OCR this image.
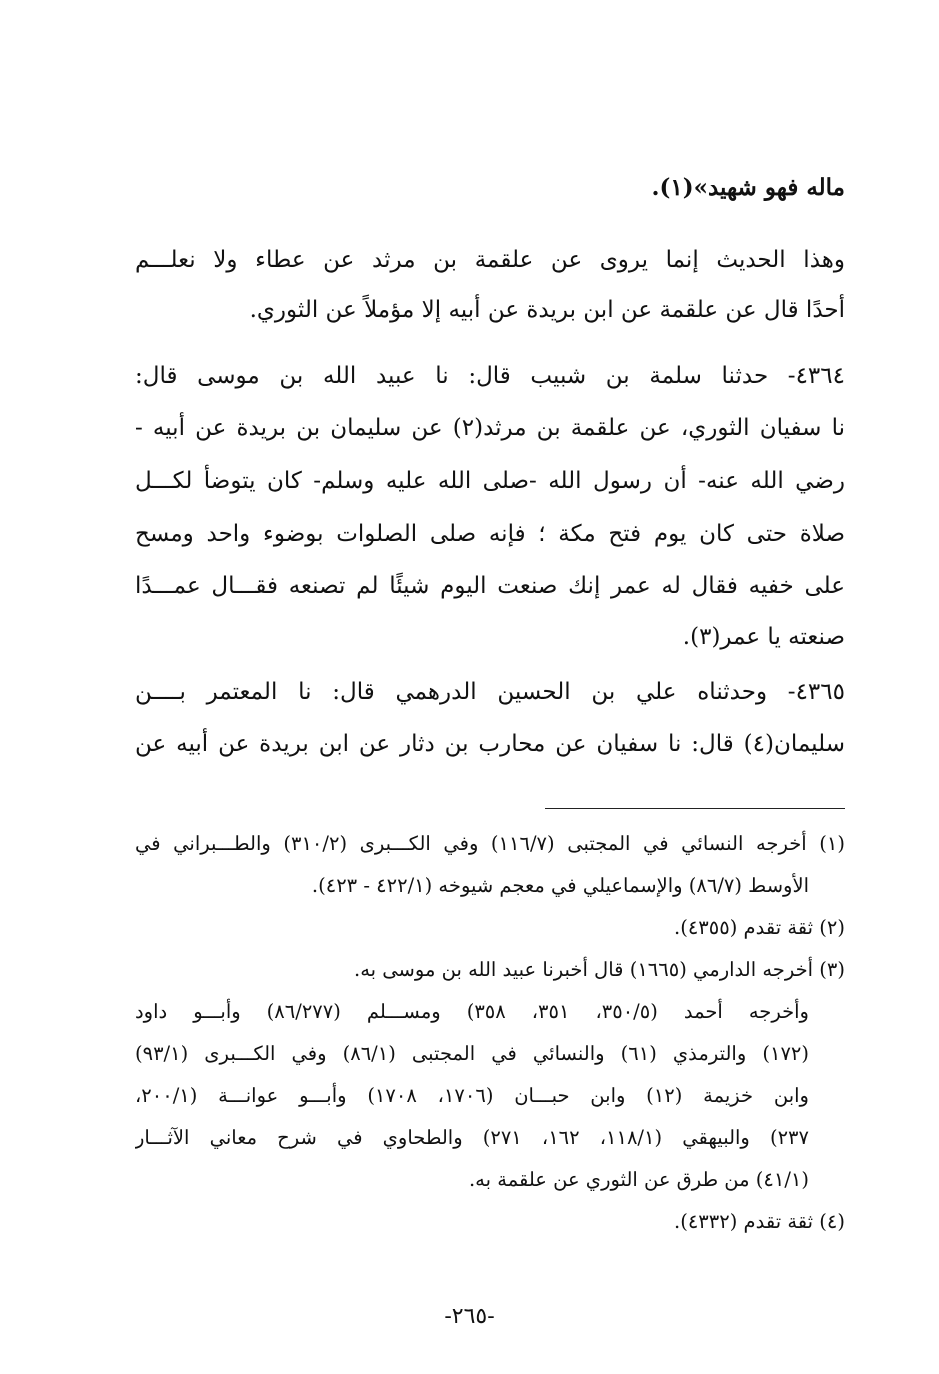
ماله فهو شهيد»(١).
وهذا الحديث إنما يروى عن علقمة بن مرثد عن عطاء ولا نعلـــم
أحدًا قال عن علقمة عن ابن بريدة عن أبيه إلا مؤملاً عن الثوري.
٤٣٦٤- حدثنا سلمة بن شبيب قال: نا عبيد الله بن موسى قال:
نا سفيان الثوري، عن علقمة بن مرثد(٢) عن سليمان بن بريدة عن أبيه -
رضي الله عنه- أن رسول الله -صلى الله عليه وسلم- كان يتوضأ لكـــل
صلاة حتى كان يوم فتح مكة ؛ فإنه صلى الصلوات بوضوء واحد ومسح
على خفيه فقال له عمر إنك صنعت اليوم شيئًا لم تصنعه فقـــال عمـــدًا
صنعته يا عمر(٣).
٤٣٦٥- وحدثناه علي بن الحسين الدرهمي قال: نا المعتمر بــــن
سليمان(٤) قال: نا سفيان عن محارب بن دثار عن ابن بريدة عن أبيه عن
(١) أخرجه النسائي في المجتبى (١١٦/٧) وفي الكـــبرى (٣١٠/٢) والطـــبراني في
الأوسط (٨٦/٧) والإسماعيلي في معجم شيوخه (٤٢٢/١ - ٤٢٣).
(٢) ثقة تقدم (٤٣٥٥).
(٣) أخرجه الدارمي (١٦٦٥) قال أخبرنا عبيد الله بن موسى به.
وأخرجه أحمد (٣٥٠/٥، ٣٥١، ٣٥٨) ومســـلم (٨٦/٢٧٧) وأبـــو داود
(١٧٢) والترمذي (٦١) والنسائي في المجتبى (٨٦/١) وفي الكـــبرى (٩٣/١)
وابن خزيمة (١٢) وابن حبـــان (١٧٠٦، ١٧٠٨) وأبـــو عوانـــة (٢٠٠/١،
٢٣٧) والبيهقي (١١٨/١، ١٦٢، ٢٧١) والطحاوي في شرح معاني الآثـــار
(٤١/١) من طرق عن الثوري عن علقمة به.
(٤) ثقة تقدم (٤٣٣٢).
-٢٦٥-
